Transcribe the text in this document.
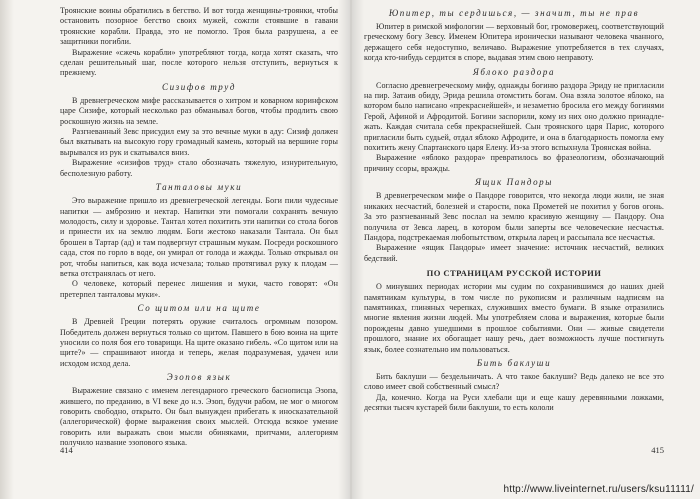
Троянские воины обратились в бегство. И вот тогда женщины-троянки, чтобы остановить позорное бегство своих мужей, сожгли стоявшие в гавани троянские корабли. Правда, это не помогло. Троя была разрушена, а ее защитники погибли.

Выражение «сжечь корабли» употребляют тогда, когда хотят сказать, что сделан решительный шаг, после которого нельзя отступить, вернуться к прежнему.

Сизифов труд

В древнегреческом мифе рассказывается о хитром и коварном коринфском царе Сизифе, который несколько раз обманывал богов, чтобы продлить свою роскошную жизнь на земле.

Разгневанный Зевс присудил ему за это вечные муки в аду: Сизиф должен был вкатывать на высокую гору громадный камень, который на вершине горы вырывался из рук и скатывался вниз.

Выражение «сизифов труд» стало обозначать тяжелую, изнурительную, бесполезную работу.

Танталовы муки

Это выражение пришло из древнегреческой легенды. Боги пили чудесные напитки — амброзию и нектар. Напитки эти помогали сохранять вечную молодость, силу и здоровье. Тантал хотел похитить эти напитки со стола богов и принести их на землю людям. Боги жестоко наказали Тантала. Он был брошен в Тартар (ад) и там подвергнут страшным мукам. Посреди роскошного сада, стоя по горло в воде, он умирал от голода и жажды. Только открывал он рот, чтобы напиться, как вода исчезала; только протягивал руку к плодам — ветка отстранялась от него.

О человеке, который перенес лишения и муки, часто говорят: «Он претерпел танталовы муки».

Со щитом или на щите

В Древней Греции потерять оружие считалось огромным позором. Победитель должен вернуться только со щитом. Павшего в бою воина на щите уносили со поля боя его товарищи. На щите оказано гибель. «Со щитом или на щите?» — спрашивают иногда и теперь, желая подразумевая, удачен или исходом исход дела.

Эзопов язык

Выражение связано с именем легендарного греческого баснописца Эзопа, жившего, по преданию, в VI веке до н.э. Эзоп, будучи рабом, не мог о многом говорить свободно, открыто. Он был вынужден прибегать к иносказательной (аллегорической) форме выражения своих мыслей. Отсюда всякое умение говорить или выражать свои мысли обиняками, притчами, аллегориям получило название эзопового языка.

414
Юпитер, ты сердишься, — значит, ты не прав

Юпитер в римской мифологии — верховный бог, громовержец, соответствующий греческому богу Зевсу. Именем Юпитера иронически называют человека чванного, держащего себя недоступно, величаво. Выражение употребляется в тех случаях, когда кто-нибудь сердится в споре, выдавая этим свою неправоту.

Яблоко раздора

Согласно древнегреческому мифу, однажды богиню раздора Эриду не пригласили на пир. Затаив обиду, Эрида решила отомстить богам. Она взяла золотое яблоко, на котором было написано «прекраснейшей», и незаметно бросила его между богинями Герой, Афиной и Афродитой. Богини заспорили, кому из них оно должно принадлежать. Каждая считала себя прекраснейшей. Сын троянского царя Парис, которого пригласили быть судьей, отдал яблоко Афродите, и она в благодарность помогла ему похитить жену Спартанского царя Елену. Из-за этого вспыхнула Троянская война.

Выражение «яблоко раздора» превратилось во фразеологизм, обозначающий причину ссоры, вражды.

Ящик Пандоры

В древнегреческом мифе о Пандоре говорится, что некогда люди жили, не зная никаких несчастий, болезней и старости, пока Прометей не похитил у богов огонь. За это разгневанный Зевс послал на землю красивую женщину — Пандору. Она получила от Зевса ларец, в котором были заперты все человеческие несчастья. Пандора, подстрекаемая любопытством, открыла ларец и рассыпала все несчастья.

Выражение «ящик Пандоры» имеет значение: источник несчастий, великих бедствий.

ПО СТРАНИЦАМ РУССКОЙ ИСТОРИИ

О минувших периодах истории мы судим по сохранившимся до наших дней памятникам культуры, в том числе по рукописям и различным надписям на памятниках, глиняных черепках, служивших вместо бумаги. В языке отразились многие явления жизни людей. Мы употребляем слова и выражения, которые были порождены давно ушедшими в прошлое событиями. Они — живые свидетели прошлого, знание их обогащает нашу речь, дает возможность лучше постигнуть язык, более сознательно им пользоваться.

Бить баклуши

Бить баклуши — бездельничать. А что такое баклуши? Ведь далеко не все это слово имеет свой собственный смысл?

Да, конечно. Когда на Руси хлебали щи и еще кашу деревянными ложками, десятки тысяч кустарей били баклуши, то есть кололи

415
http://www.liveinternet.ru/users/ksu11111/
